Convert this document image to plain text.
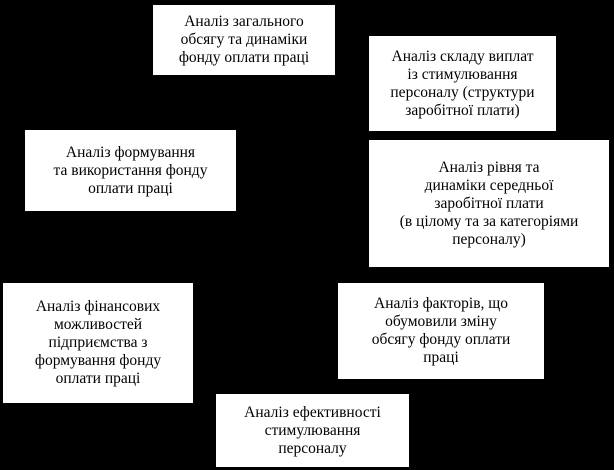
Аналіз загального
обсягу та динаміки
фонду оплати праці	Аналіз складу виплат
із стимулювання
персоналу (структури
заробітної плати)
Аналіз формування
та використання фонду
оплати праці
Аналіз рівня та
динаміки середньої
заробітної плати
(в цілому та за категоріями
персоналу)
Аналіз фінансових
можливостей
підприємства з
формування фонду
оплати праці
Аналіз факторів, що
обумовили зміну
обсягу фонду оплати
праці
Аналіз ефективності
стимулювання
персоналу
